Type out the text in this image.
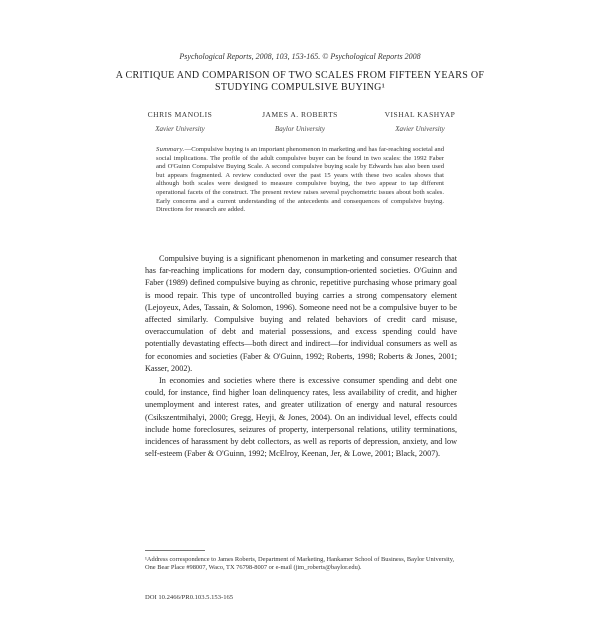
Psychological Reports, 2008, 103, 153-165. © Psychological Reports 2008
A CRITIQUE AND COMPARISON OF TWO SCALES FROM FIFTEEN YEARS OF STUDYING COMPULSIVE BUYING¹
CHRIS MANOLIS	JAMES A. ROBERTS	VISHAL KASHYAP
Xavier University	Baylor University	Xavier University
Summary.—Compulsive buying is an important phenomenon in marketing and has far-reaching societal and social implications. The profile of the adult compulsive buyer can be found in two scales: the 1992 Faber and O'Guinn Compulsive Buying Scale. A second compulsive buying scale by Edwards has also been used but appears fragmented. A review conducted over the past 15 years with these two scales shows that although both scales were designed to measure compulsive buying, the two appear to tap different operational facets of the construct. The present review raises several psychometric issues about both scales. Early concerns and a current understanding of the antecedents and consequences of compulsive buying. Directions for research are added.

Compulsive buying is a significant phenomenon in marketing and consumer research that has far-reaching implications for modern day, consumption-oriented societies. O'Guinn and Faber (1989) defined compulsive buying as chronic, repetitive purchasing whose primary goal is mood repair. This type of uncontrolled buying carries a strong compensatory element (Lejoyeux, Ades, Tassain, & Solomon, 1996). Someone need not be a compulsive buyer to be affected similarly. Compulsive buying and related behaviors of credit card misuse, overaccumulation of debt and material possessions, and excess spending could have potentially devastating effects—both direct and indirect—for individual consumers as well as for economies and societies (Faber & O'Guinn, 1992; Roberts, 1998; Roberts & Jones, 2001; Kasser, 2002).

In economies and societies where there is excessive consumer spending and debt one could, for instance, find higher loan delinquency rates, less availability of credit, and higher unemployment and interest rates, and greater utilization of energy and natural resources (Csikszentmihalyi, 2000; Gregg, Heyji, & Jones, 2004). On an individual level, effects could include home foreclosures, seizures of property, interpersonal relations, utility terminations, incidences of harassment by debt collectors, as well as reports of depression, anxiety, and low self-esteem (Faber & O'Guinn, 1992; McElroy, Keenan, Jer, & Lowe, 2001; Black, 2007).

¹Address correspondence to James Roberts, Department of Marketing, Hankamer School of Business, Baylor University, One Bear Place #98007, Waco, TX 76798-8007 or e-mail (jim_roberts@baylor.edu).
DOI 10.2466/PR0.103.5.153-165
